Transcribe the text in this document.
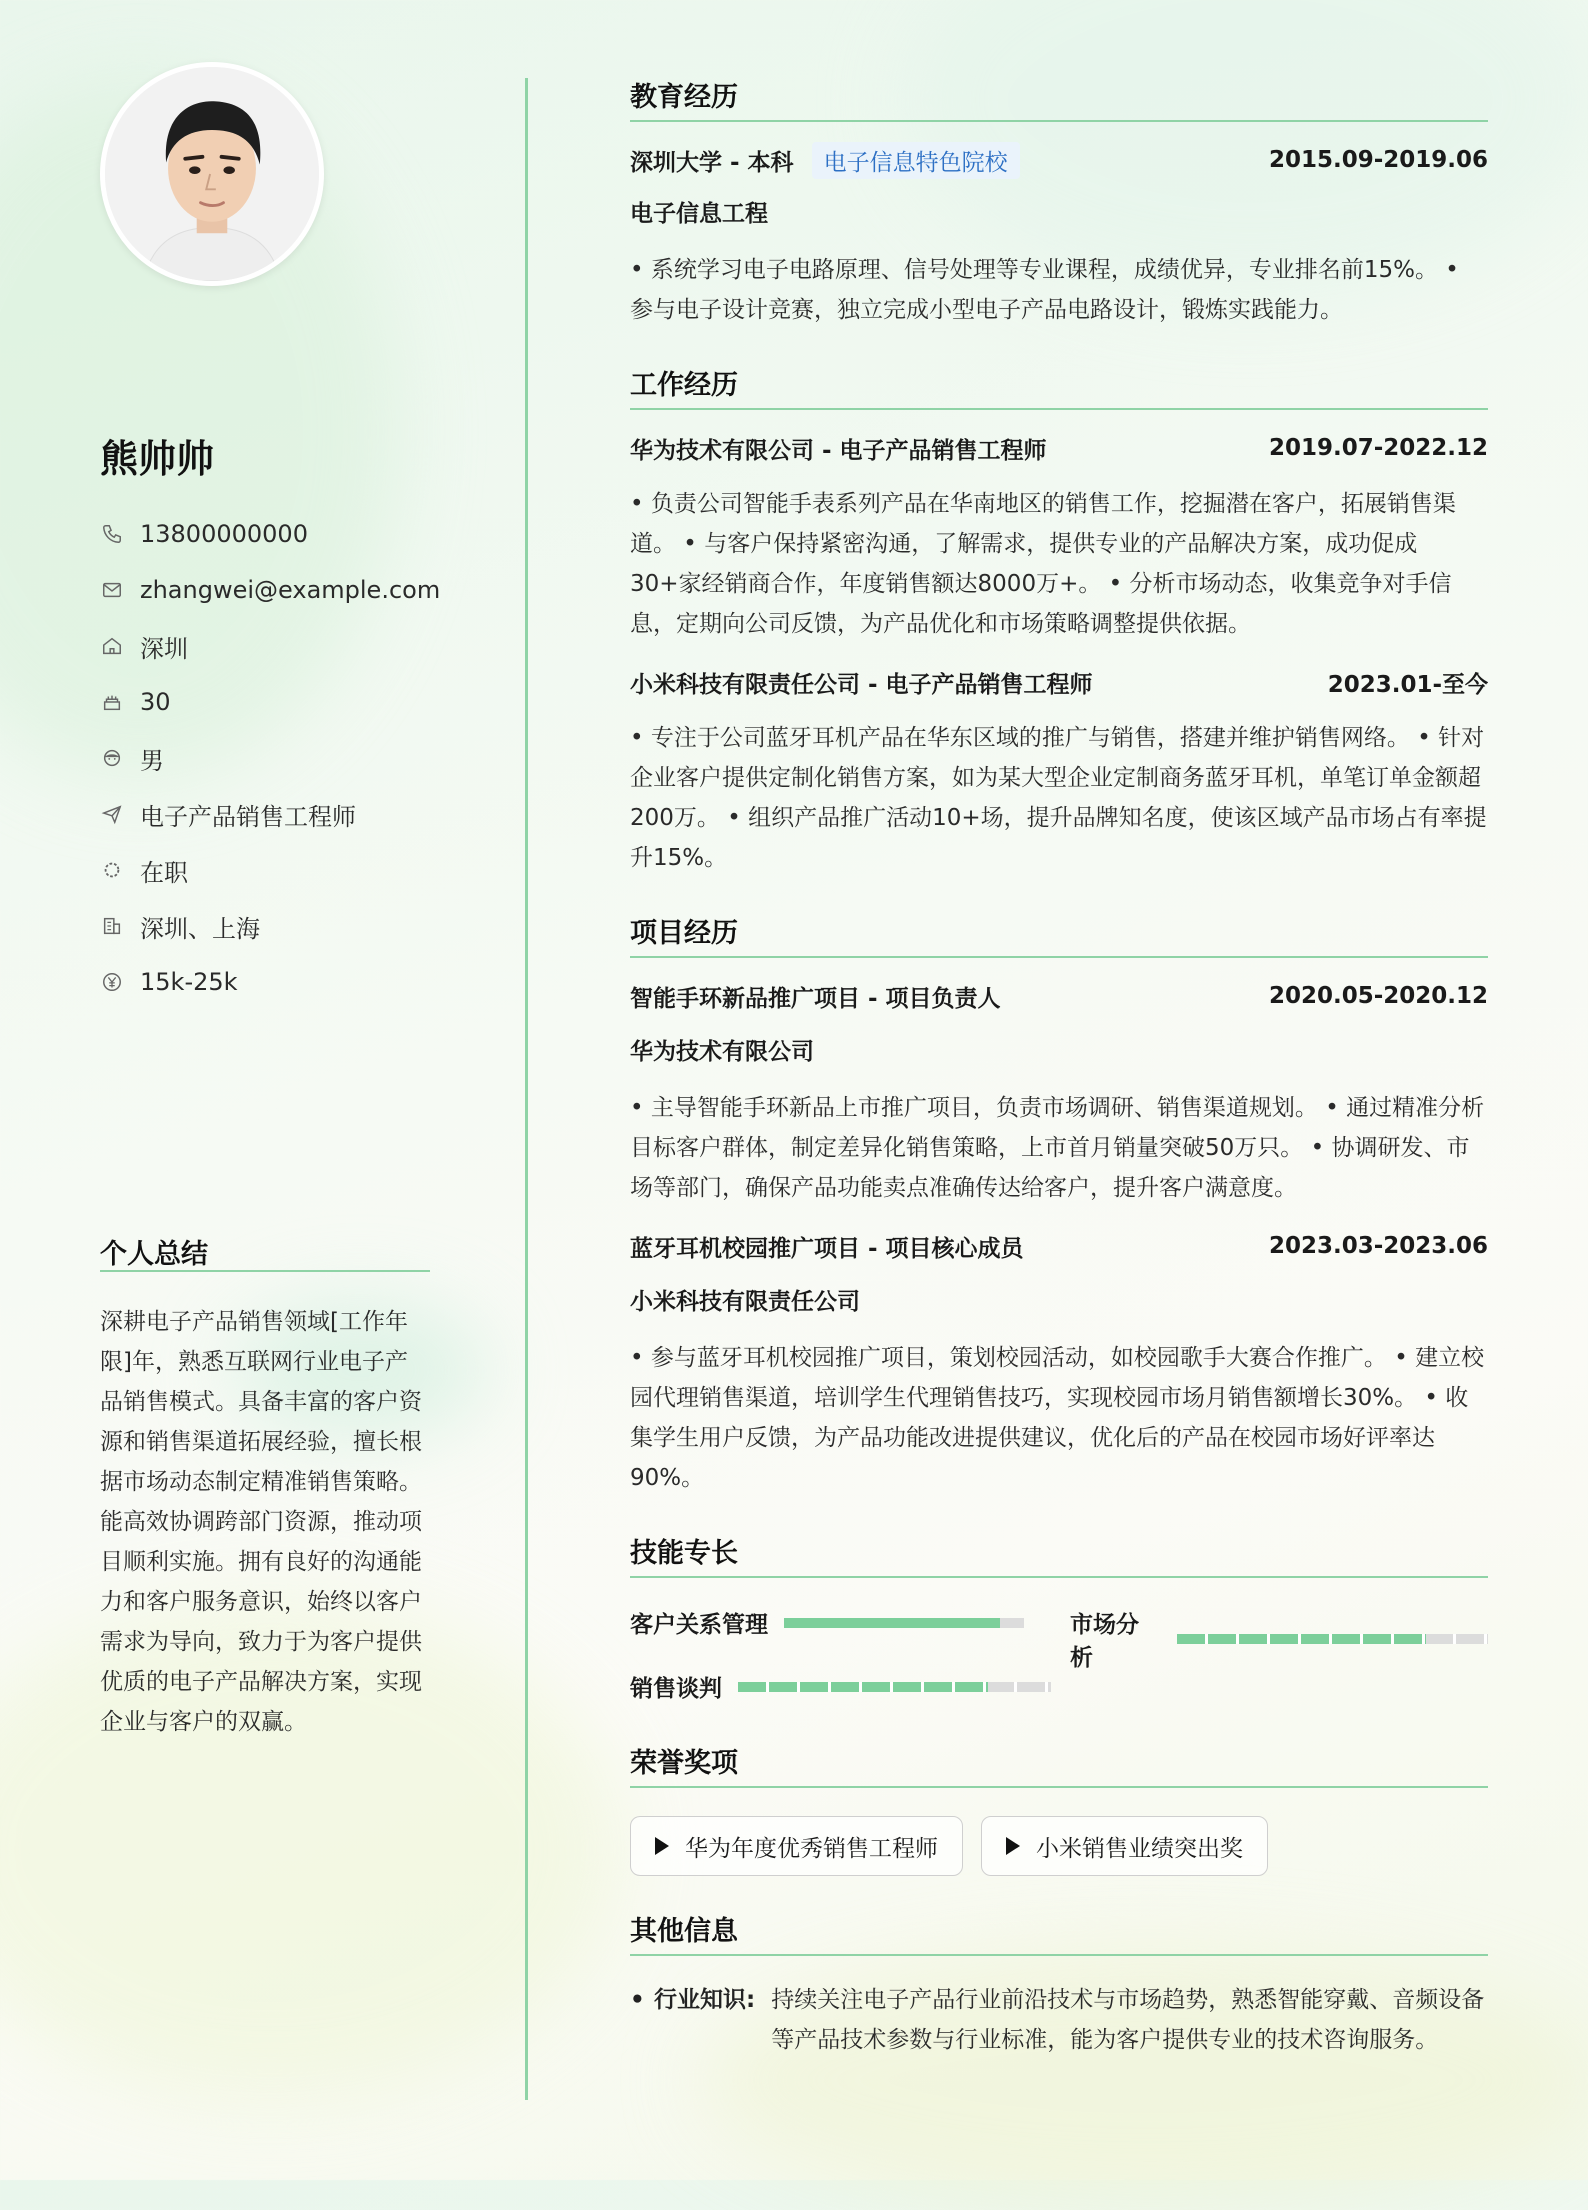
熊帅帅
13800000000
zhangwei@example.com
深圳
30
男
电子产品销售工程师
在职
深圳、上海
15k-25k
个人总结
深耕电子产品销售领域[工作年限]年，熟悉互联网行业电子产品销售模式。具备丰富的客户资源和销售渠道拓展经验，擅长根据市场动态制定精准销售策略。能高效协调跨部门资源，推动项目顺利实施。拥有良好的沟通能力和客户服务意识，始终以客户需求为导向，致力于为客户提供优质的电子产品解决方案，实现企业与客户的双赢。
教育经历
深圳大学 - 本科	电子信息特色院校	2015.09-2019.06
电子信息工程
• 系统学习电子电路原理、信号处理等专业课程，成绩优异，专业排名前15%。 • 参与电子设计竞赛，独立完成小型电子产品电路设计，锻炼实践能力。
工作经历
华为技术有限公司 - 电子产品销售工程师	2019.07-2022.12
• 负责公司智能手表系列产品在华南地区的销售工作，挖掘潜在客户，拓展销售渠道。 • 与客户保持紧密沟通，了解需求，提供专业的产品解决方案，成功促成30+家经销商合作，年度销售额达8000万+。 • 分析市场动态，收集竞争对手信息，定期向公司反馈，为产品优化和市场策略调整提供依据。
小米科技有限责任公司 - 电子产品销售工程师	2023.01-至今
• 专注于公司蓝牙耳机产品在华东区域的推广与销售，搭建并维护销售网络。 • 针对企业客户提供定制化销售方案，如为某大型企业定制商务蓝牙耳机，单笔订单金额超200万。 • 组织产品推广活动10+场，提升品牌知名度，使该区域产品市场占有率提升15%。
项目经历
智能手环新品推广项目 - 项目负责人	2020.05-2020.12
华为技术有限公司
• 主导智能手环新品上市推广项目，负责市场调研、销售渠道规划。 • 通过精准分析目标客户群体，制定差异化销售策略，上市首月销量突破50万只。 • 协调研发、市场等部门，确保产品功能卖点准确传达给客户，提升客户满意度。
蓝牙耳机校园推广项目 - 项目核心成员	2023.03-2023.06
小米科技有限责任公司
• 参与蓝牙耳机校园推广项目，策划校园活动，如校园歌手大赛合作推广。 • 建立校园代理销售渠道，培训学生代理销售技巧，实现校园市场月销售额增长30%。 • 收集学生用户反馈，为产品功能改进提供建议，优化后的产品在校园市场好评率达90%。
技能专长
客户关系管理	市场分析
销售谈判
荣誉奖项
华为年度优秀销售工程师	小米销售业绩突出奖
其他信息
• 行业知识: 持续关注电子产品行业前沿技术与市场趋势，熟悉智能穿戴、音频设备等产品技术参数与行业标准，能为客户提供专业的技术咨询服务。
